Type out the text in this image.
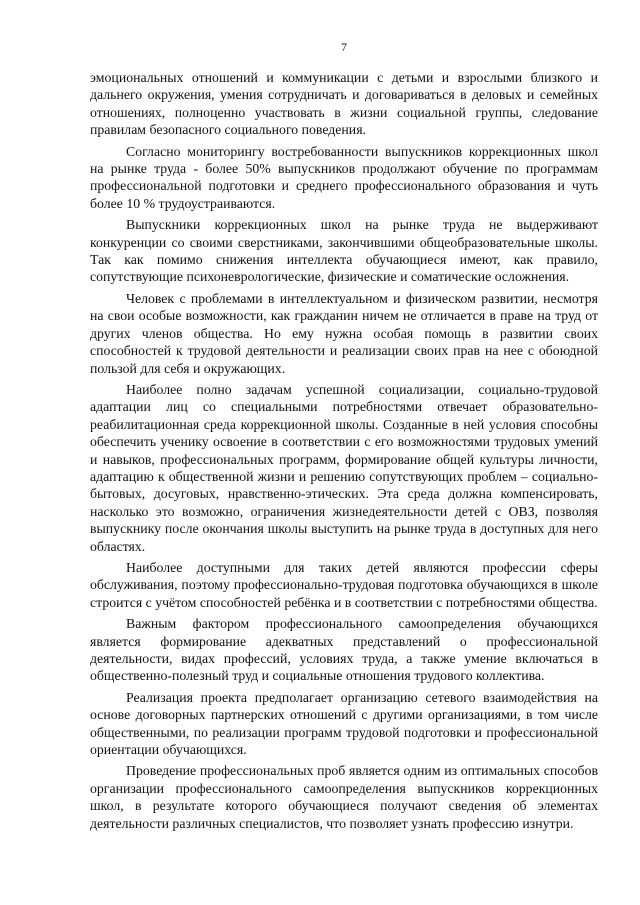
7

эмоциональных отношений и коммуникации с детьми и взрослыми близкого и дальнего окружения, умения сотрудничать и договариваться в деловых и семейных отношениях, полноценно участвовать в жизни социальной группы, следование правилам безопасного социального поведения.

Согласно мониторингу востребованности выпускников коррекционных школ на рынке труда - более 50% выпускников продолжают обучение по программам профессиональной подготовки и среднего профессионального образования и чуть более 10 % трудоустраиваются.

Выпускники коррекционных школ на рынке труда не выдерживают конкуренции со своими сверстниками, закончившими общеобразовательные школы. Так как помимо снижения интеллекта обучающиеся имеют, как правило, сопутствующие психоневрологические, физические и соматические осложнения.

Человек с проблемами в интеллектуальном и физическом развитии, несмотря на свои особые возможности, как гражданин ничем не отличается в праве на труд от других членов общества. Но ему нужна особая помощь в развитии своих способностей к трудовой деятельности и реализации своих прав на нее с обоюдной пользой для себя и окружающих.

Наиболее полно задачам успешной социализации, социально-трудовой адаптации лиц со специальными потребностями отвечает образовательно-реабилитационная среда коррекционной школы. Созданные в ней условия способны обеспечить ученику освоение в соответствии с его возможностями трудовых умений и навыков, профессиональных программ, формирование общей культуры личности, адаптацию к общественной жизни и решению сопутствующих проблем – социально-бытовых, досуговых, нравственно-этических. Эта среда должна компенсировать, насколько это возможно, ограничения жизнедеятельности детей с ОВЗ, позволяя выпускнику после окончания школы выступить на рынке труда в доступных для него областях.

Наиболее доступными для таких детей являются профессии сферы обслуживания, поэтому профессионально-трудовая подготовка обучающихся в школе строится с учётом способностей ребёнка и в соответствии с потребностями общества.

Важным фактором профессионального самоопределения обучающихся является формирование адекватных представлений о профессиональной деятельности, видах профессий, условиях труда, а также умение включаться в общественно-полезный труд и социальные отношения трудового коллектива.

Реализация проекта предполагает организацию сетевого взаимодействия на основе договорных партнерских отношений с другими организациями, в том числе общественными, по реализации программ трудовой подготовки и профессиональной ориентации обучающихся.

Проведение профессиональных проб является одним из оптимальных способов организации профессионального самоопределения выпускников коррекционных школ, в результате которого обучающиеся получают сведения об элементах деятельности различных специалистов, что позволяет узнать профессию изнутри.
